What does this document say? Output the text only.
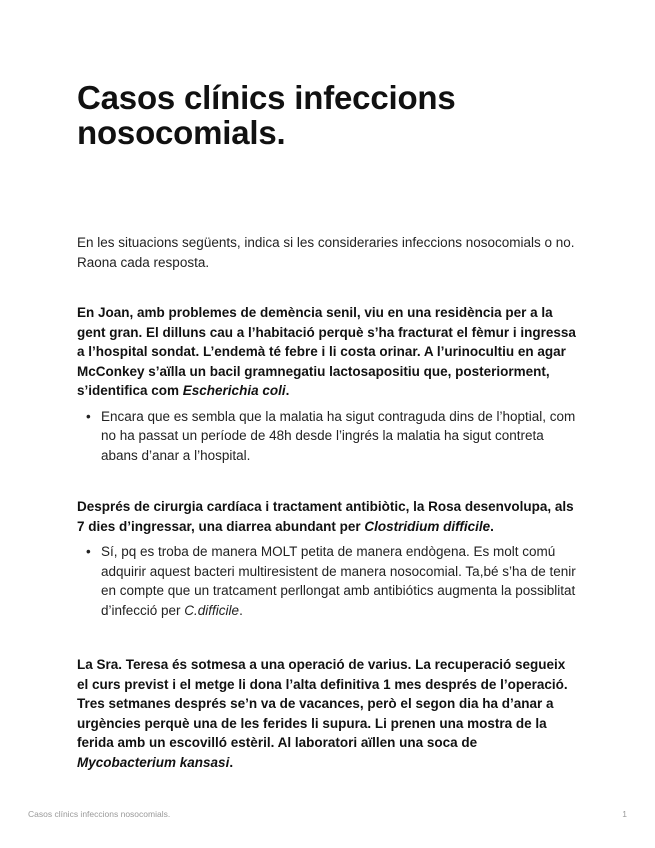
Casos clínics infeccions nosocomials.

En les situacions següents, indica si les consideraries infeccions nosocomials o no. Raona cada resposta.

En Joan, amb problemes de demència senil, viu en una residència per a la gent gran. El dilluns cau a l’habitació perquè s’ha fracturat el fèmur i ingressa a l’hospital sondat. L’endemà té febre i li costa orinar. A l’urinocultiu en agar McConkey s’aïlla un bacil gramnegatiu lactosapositiu que, posteriorment, s’identifica com Escherichia coli.

• Encara que es sembla que la malatia ha sigut contraguda dins de l’hoptial, com no ha passat un període de 48h desde l’ingrés la malatia ha sigut contreta abans d’anar a l’hospital.

Després de cirurgia cardíaca i tractament antibiòtic, la Rosa desenvolupa, als 7 dies d’ingressar, una diarrea abundant per Clostridium difficile.

• Sí, pq es troba de manera MOLT petita de manera endògena. Es molt comú adquirir aquest bacteri multiresistent de manera nosocomial. Ta,bé s’ha de tenir en compte que un tratcament perllongat amb antibiótics augmenta la possiblitat d’infecció per C.difficile.

La Sra. Teresa és sotmesa a una operació de varius. La recuperació segueix el curs previst i el metge li dona l’alta definitiva 1 mes després de l’operació. Tres setmanes després se’n va de vacances, però el segon dia ha d’anar a urgències perquè una de les ferides li supura. Li prenen una mostra de la ferida amb un escovilló estèril. Al laboratori aïllen una soca de Mycobacterium kansasi.

Casos clínics infeccions nosocomials.	1
